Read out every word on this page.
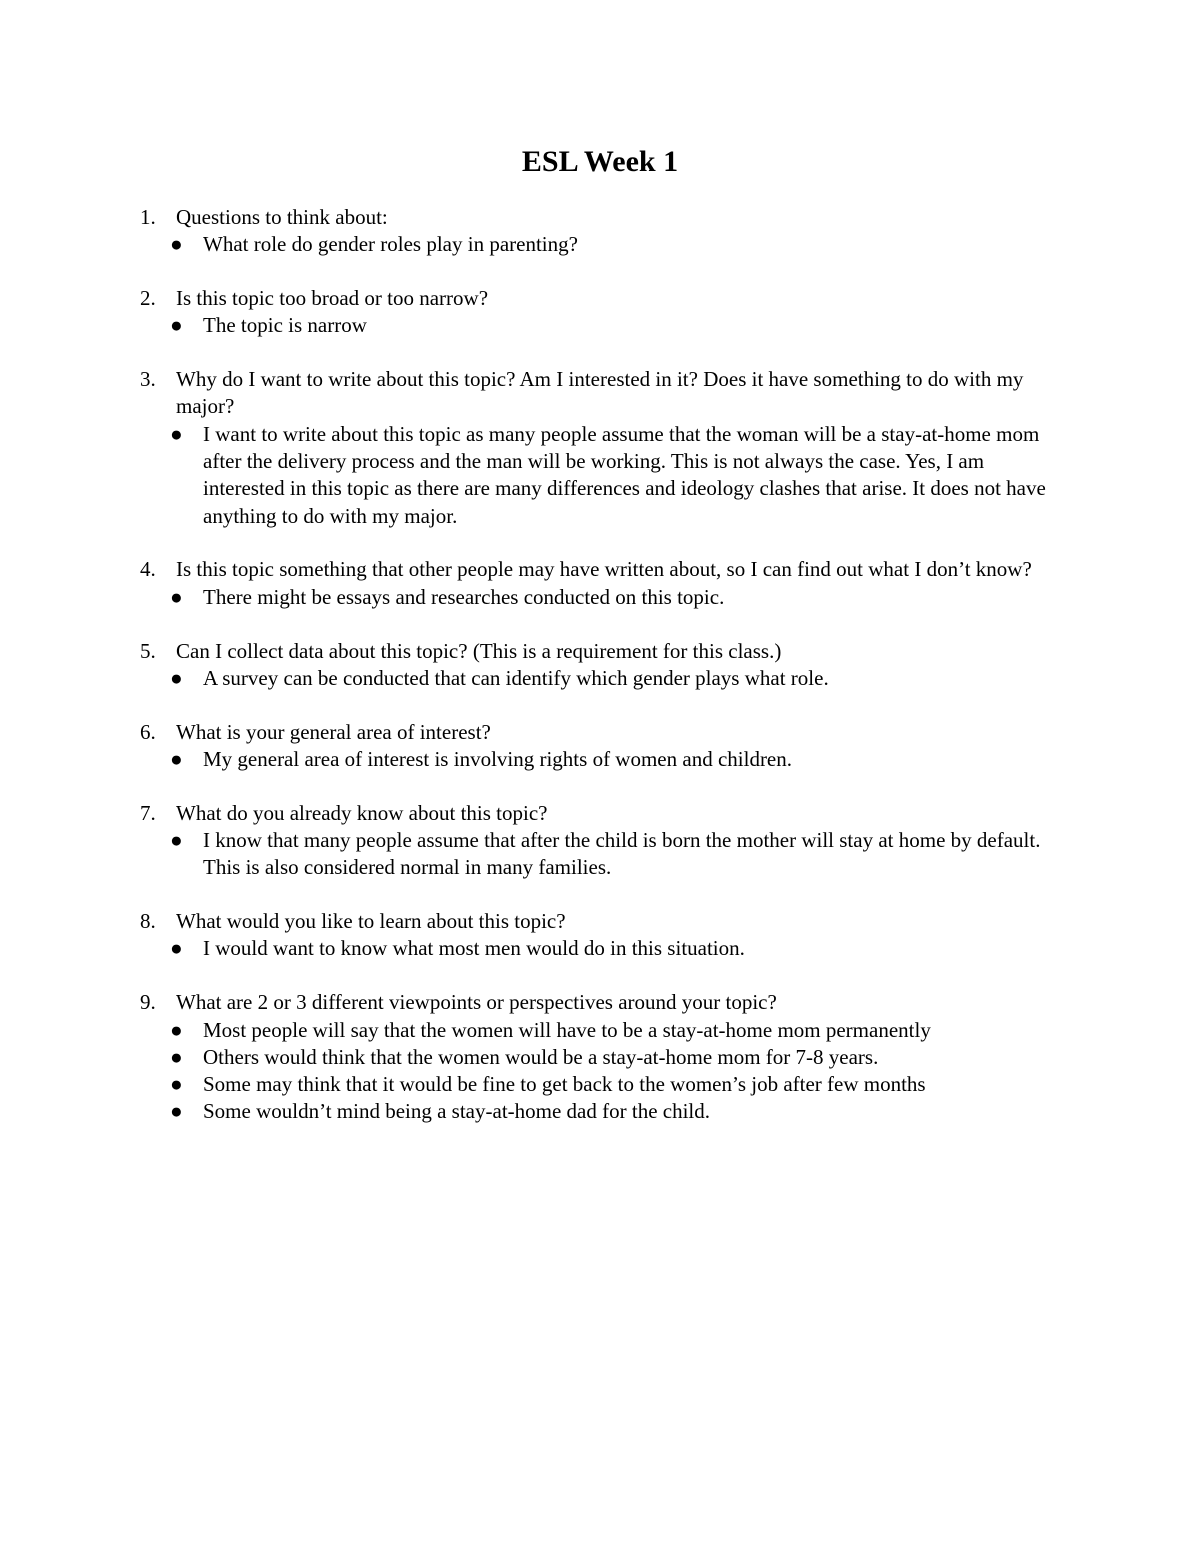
ESL Week 1
1. Questions to think about:
● What role do gender roles play in parenting?
2. Is this topic too broad or too narrow?
● The topic is narrow
3. Why do I want to write about this topic? Am I interested in it? Does it have something to do with my major?
● I want to write about this topic as many people assume that the woman will be a stay-at-home mom after the delivery process and the man will be working. This is not always the case. Yes, I am interested in this topic as there are many differences and ideology clashes that arise. It does not have anything to do with my major.
4. Is this topic something that other people may have written about, so I can find out what I don’t know?
● There might be essays and researches conducted on this topic.
5. Can I collect data about this topic? (This is a requirement for this class.)
● A survey can be conducted that can identify which gender plays what role.
6. What is your general area of interest?
● My general area of interest is involving rights of women and children.
7. What do you already know about this topic?
● I know that many people assume that after the child is born the mother will stay at home by default. This is also considered normal in many families.
8. What would you like to learn about this topic?
● I would want to know what most men would do in this situation.
9. What are 2 or 3 different viewpoints or perspectives around your topic?
● Most people will say that the women will have to be a stay-at-home mom permanently
● Others would think that the women would be a stay-at-home mom for 7-8 years.
● Some may think that it would be fine to get back to the women’s job after few months
● Some wouldn’t mind being a stay-at-home dad for the child.
